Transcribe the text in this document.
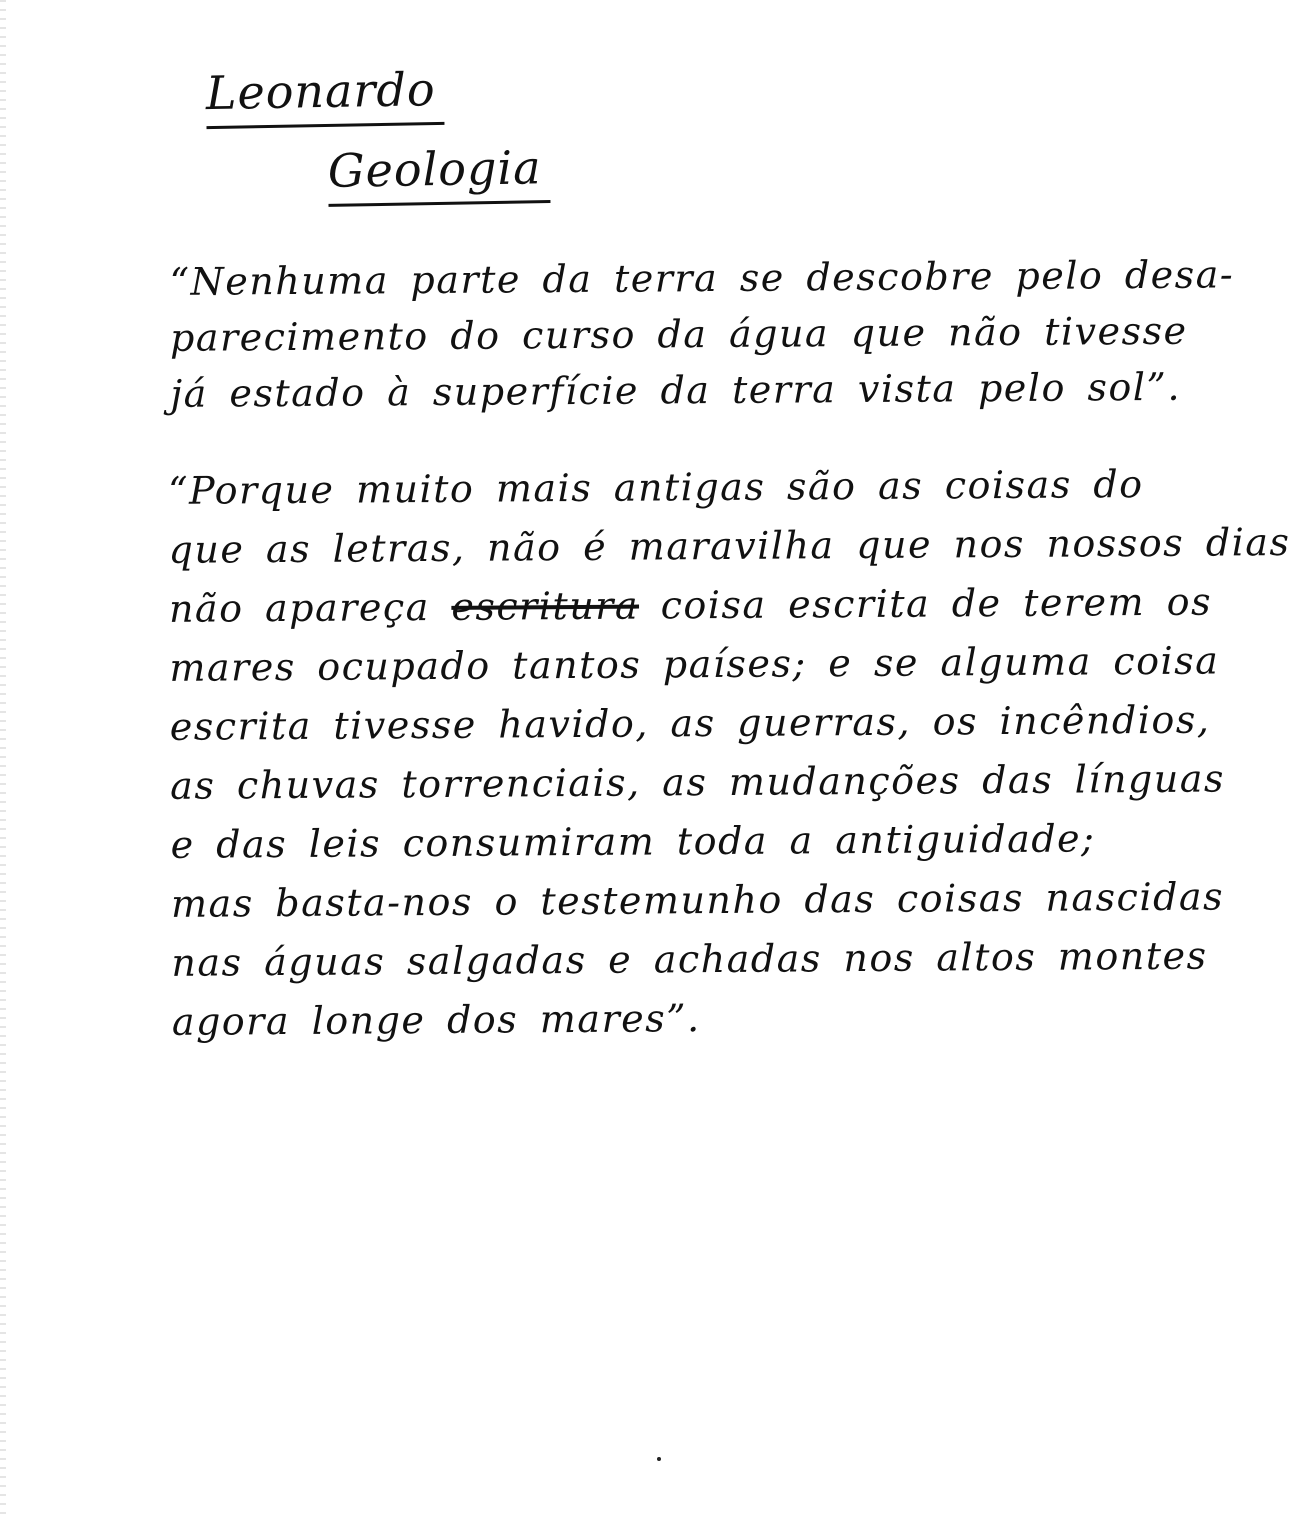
Leonardo
Geologia
“Nenhuma parte da terra se descobre pelo desa-
parecimento do curso da água que não tivesse
já estado à superfície da terra vista pelo sol”.
“Porque muito mais antigas são as coisas do
que as letras, não é maravilha que nos nossos dias
não apareça escritura coisa escrita de terem os
mares ocupado tantos países; e se alguma coisa
escrita tivesse havido, as guerras, os incêndios,
as chuvas torrenciais, as mudanções das línguas
e das leis consumiram toda a antiguidade;
mas basta-nos o testemunho das coisas nascidas
nas águas salgadas e achadas nos altos montes
agora longe dos mares”.
